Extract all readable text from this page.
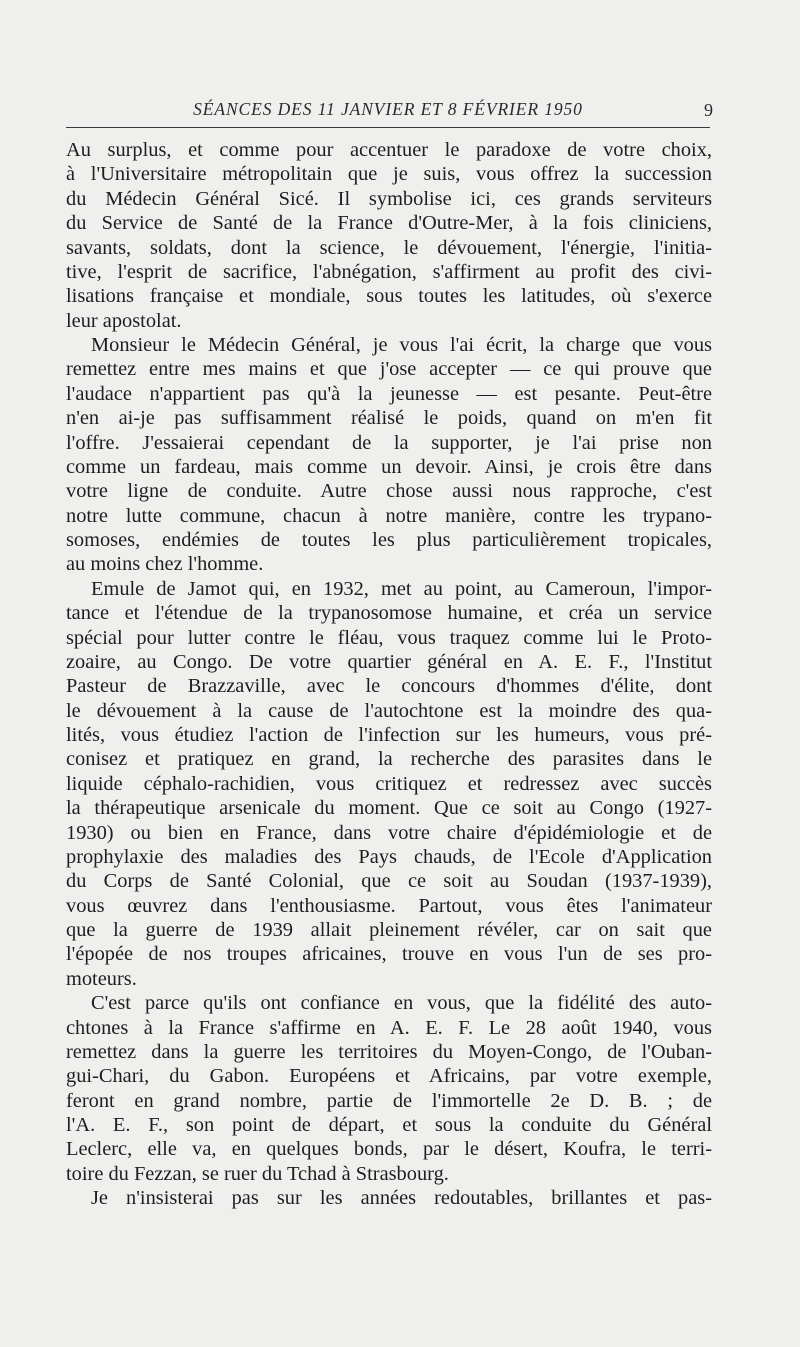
SÉANCES DES 11 JANVIER ET 8 FÉVRIER 1950	9
Au surplus, et comme pour accentuer le paradoxe de votre choix,
à l'Universitaire métropolitain que je suis, vous offrez la succession
du Médecin Général Sicé. Il symbolise ici, ces grands serviteurs
du Service de Santé de la France d'Outre-Mer, à la fois cliniciens,
savants, soldats, dont la science, le dévouement, l'énergie, l'initia-
tive, l'esprit de sacrifice, l'abnégation, s'affirment au profit des civi-
lisations française et mondiale, sous toutes les latitudes, où s'exerce
leur apostolat.
Monsieur le Médecin Général, je vous l'ai écrit, la charge que vous
remettez entre mes mains et que j'ose accepter — ce qui prouve que
l'audace n'appartient pas qu'à la jeunesse — est pesante. Peut-être
n'en ai-je pas suffisamment réalisé le poids, quand on m'en fit
l'offre. J'essaierai cependant de la supporter, je l'ai prise non
comme un fardeau, mais comme un devoir. Ainsi, je crois être dans
votre ligne de conduite. Autre chose aussi nous rapproche, c'est
notre lutte commune, chacun à notre manière, contre les trypano-
somoses, endémies de toutes les plus particulièrement tropicales,
au moins chez l'homme.
Emule de Jamot qui, en 1932, met au point, au Cameroun, l'impor-
tance et l'étendue de la trypanosomose humaine, et créa un service
spécial pour lutter contre le fléau, vous traquez comme lui le Proto-
zoaire, au Congo. De votre quartier général en A. E. F., l'Institut
Pasteur de Brazzaville, avec le concours d'hommes d'élite, dont
le dévouement à la cause de l'autochtone est la moindre des qua-
lités, vous étudiez l'action de l'infection sur les humeurs, vous pré-
conisez et pratiquez en grand, la recherche des parasites dans le
liquide céphalo-rachidien, vous critiquez et redressez avec succès
la thérapeutique arsenicale du moment. Que ce soit au Congo (1927-
1930) ou bien en France, dans votre chaire d'épidémiologie et de
prophylaxie des maladies des Pays chauds, de l'Ecole d'Application
du Corps de Santé Colonial, que ce soit au Soudan (1937-1939),
vous œuvrez dans l'enthousiasme. Partout, vous êtes l'animateur
que la guerre de 1939 allait pleinement révéler, car on sait que
l'épopée de nos troupes africaines, trouve en vous l'un de ses pro-
moteurs.
C'est parce qu'ils ont confiance en vous, que la fidélité des auto-
chtones à la France s'affirme en A. E. F. Le 28 août 1940, vous
remettez dans la guerre les territoires du Moyen-Congo, de l'Ouban-
gui-Chari, du Gabon. Européens et Africains, par votre exemple,
feront en grand nombre, partie de l'immortelle 2e D. B. ; de
l'A. E. F., son point de départ, et sous la conduite du Général
Leclerc, elle va, en quelques bonds, par le désert, Koufra, le terri-
toire du Fezzan, se ruer du Tchad à Strasbourg.
Je n'insisterai pas sur les années redoutables, brillantes et pas-
